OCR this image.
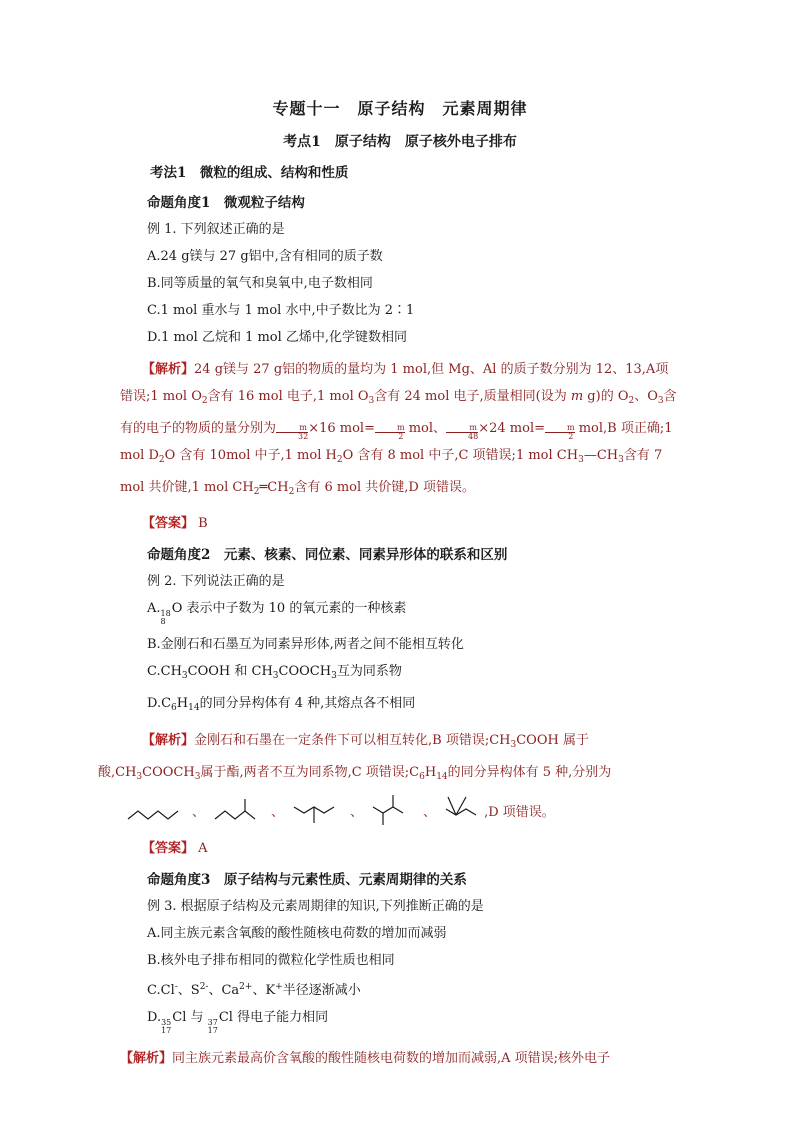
专题十一　原子结构　元素周期律
考点1　原子结构　原子核外电子排布
考法1　微粒的组成、结构和性质
命题角度1　微观粒子结构
例 1. 下列叙述正确的是
A.24 g镁与 27 g铝中,含有相同的质子数
B.同等质量的氧气和臭氧中,电子数相同
C.1 mol 重水与 1 mol 水中,中子数比为 2∶1
D.1 mol 乙烷和 1 mol 乙烯中,化学键数相同
【解析】24 g镁与 27 g铝的物质的量均为 1 mol,但 Mg、Al 的质子数分别为 12、13,A项错误;1 mol $O_2$含有 16 mol 电子,1 mol $O_3$含有 24 mol 电子,质量相同(设为 m g)的 $O_2$、$O_3$含有的电子的物质的量分别为 $\frac{m}{32} \times 16$ $mol= \frac{m}{2}$ mol、 $\frac{m}{48} \times 24$ $mol= \frac{m}{2} mol,B$ 项正确;1 mol $D_2O$ 含有 10mol 中子,1 mol $H_2O$ 含有 8 mol 中子,C 项错误;1 mol $CH_3—CH_3$含有 7 mol 共价键,1 mol $CH_2═CH_2$含有 6 mol 共价键,D 项错误。
【答案】 B
命题角度2　元素、核素、同位素、同素异形体的联系和区别
例 2. 下列说法正确的是
A. 18
8
O 表示中子数为 10 的氧元素的一种核素
B.金刚石和石墨互为同素异形体,两者之间不能相互转化
$C.CH_3COOH$ 和 $CH_3COOCH_3$互为同系物
$D.C_6H_{14}$的同分异构体有 4 种,其熔点各不相同
【解析】金刚石和石墨在一定条件下可以相互转化,B 项错误$;CH_3COOH$ 属于
酸$,CH_3COOCH_3$属于酯,两者不互为同系物,C 项错误$;C_6H_{14}$的同分异构体有 5 种,分别为
、	、	、	、	,D 项错误。
【答案】 A
命题角度3　原子结构与元素性质、元素周期律的关系
例 3. 根据原子结构及元素周期律的知识,下列推断正确的是
A.同主族元素含氧酸的酸性随核电荷数的增加而减弱
B.核外电子排布相同的微粒化学性质也相同
C.Cl-、$S^{2-}$、$Ca^{2+}$、K+半径逐渐减小
D. 35
17
Cl 与 37
17
Cl 得电子能力相同
【解析】同主族元素最高价含氧酸的酸性随核电荷数的增加而减弱,A 项错误;核外电子
